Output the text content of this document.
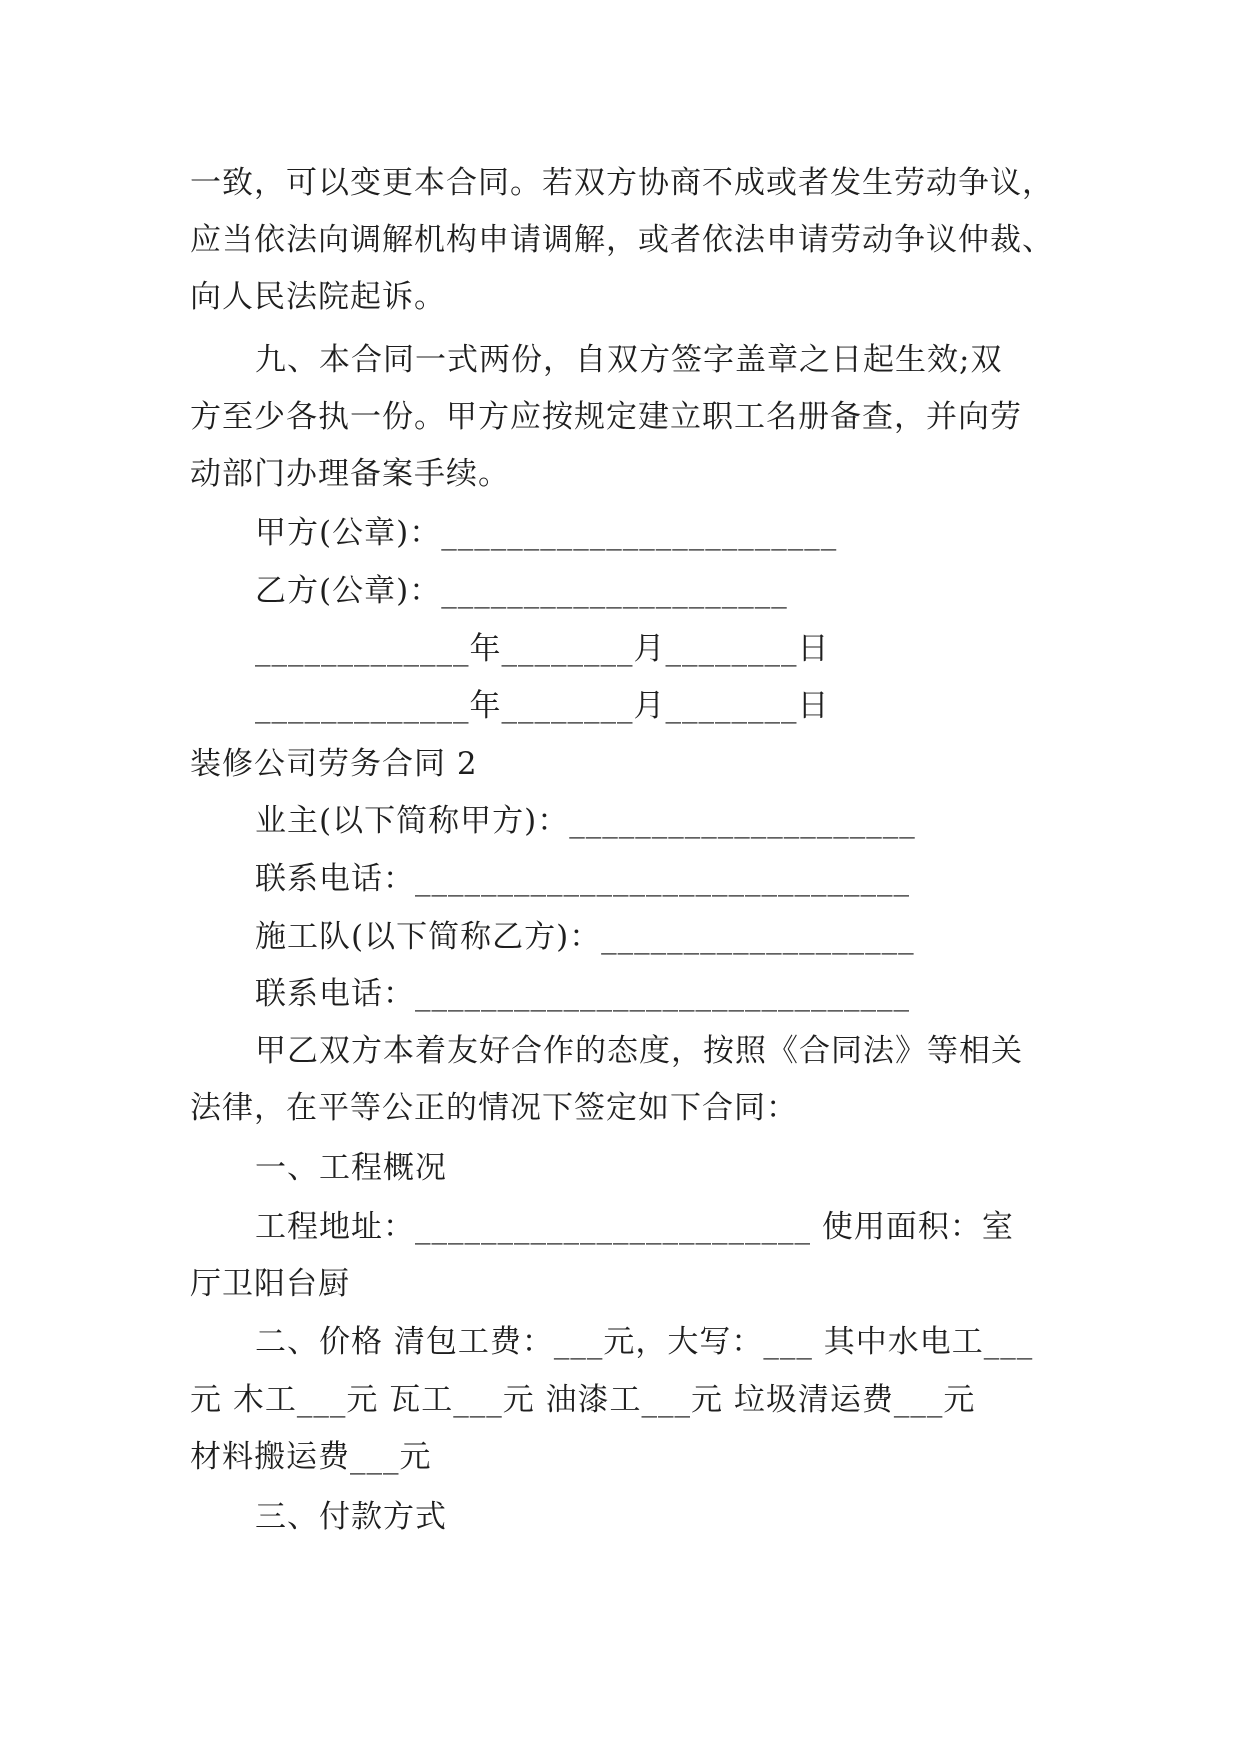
一致，可以变更本合同。若双方协商不成或者发生劳动争议，

应当依法向调解机构申请调解，或者依法申请劳动争议仲裁、

向人民法院起诉。

九、本合同一式两份，自双方签字盖章之日起生效;双

方至少各执一份。甲方应按规定建立职工名册备查，并向劳

动部门办理备案手续。

甲方(公章)：________________________

乙方(公章)：_____________________

_____________年________月________日

_____________年________月________日

装修公司劳务合同 2

业主(以下简称甲方)：_____________________

联系电话：______________________________

施工队(以下简称乙方)：___________________

联系电话：______________________________

甲乙双方本着友好合作的态度，按照《合同法》等相关

法律，在平等公正的情况下签定如下合同：

一、工程概况

工程地址：________________________ 使用面积：室

厅卫阳台厨

二、价格 清包工费：___元，大写：___ 其中水电工___

元 木工___元 瓦工___元 油漆工___元 垃圾清运费___元

材料搬运费___元

三、付款方式
